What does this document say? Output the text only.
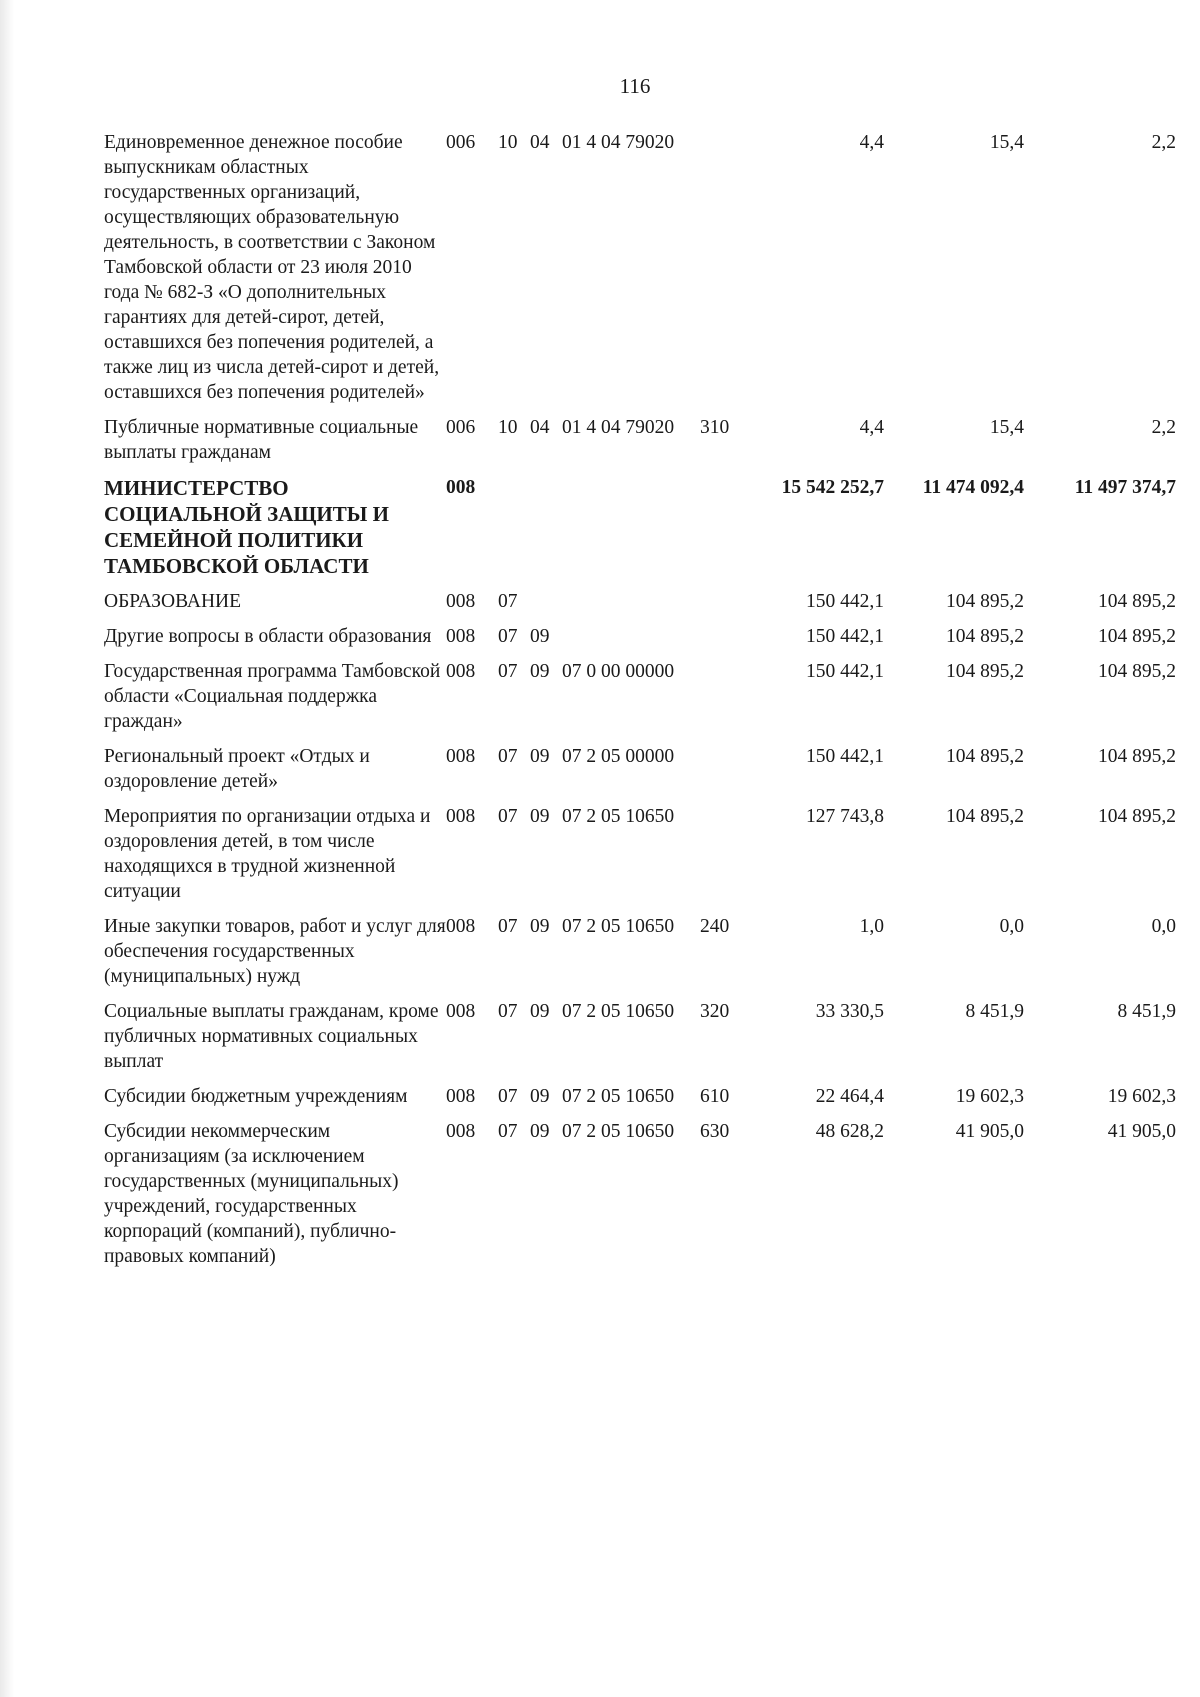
116
Единовременное денежное пособие выпускникам областных государственных организаций, осуществляющих образовательную деятельность, в соответствии с Законом Тамбовской области от 23 июля 2010 года № 682-З «О дополнительных гарантиях для детей-сирот, детей, оставшихся без попечения родителей, а также лиц из числа детей-сирот и детей, оставшихся без попечения родителей»	006	10	04	01 4 04 79020		4,4	15,4	2,2
Публичные нормативные социальные выплаты гражданам	006	10	04	01 4 04 79020	310	4,4	15,4	2,2
МИНИСТЕРСТВО СОЦИАЛЬНОЙ ЗАЩИТЫ И СЕМЕЙНОЙ ПОЛИТИКИ ТАМБОВСКОЙ ОБЛАСТИ	008					15 542 252,7	11 474 092,4	11 497 374,7
ОБРАЗОВАНИЕ	008	07				150 442,1	104 895,2	104 895,2
Другие вопросы в области образования	008	07	09			150 442,1	104 895,2	104 895,2
Государственная программа Тамбовской области «Социальная поддержка граждан»	008	07	09	07 0 00 00000		150 442,1	104 895,2	104 895,2
Региональный проект «Отдых и оздоровление детей»	008	07	09	07 2 05 00000		150 442,1	104 895,2	104 895,2
Мероприятия по организации отдыха и оздоровления детей, в том числе находящихся в трудной жизненной ситуации	008	07	09	07 2 05 10650		127 743,8	104 895,2	104 895,2
Иные закупки товаров, работ и услуг для обеспечения государственных (муниципальных) нужд	008	07	09	07 2 05 10650	240	1,0	0,0	0,0
Социальные выплаты гражданам, кроме публичных нормативных социальных выплат	008	07	09	07 2 05 10650	320	33 330,5	8 451,9	8 451,9
Субсидии бюджетным учреждениям	008	07	09	07 2 05 10650	610	22 464,4	19 602,3	19 602,3
Субсидии некоммерческим организациям (за исключением государственных (муниципальных) учреждений, государственных корпораций (компаний), публично-правовых компаний)	008	07	09	07 2 05 10650	630	48 628,2	41 905,0	41 905,0
